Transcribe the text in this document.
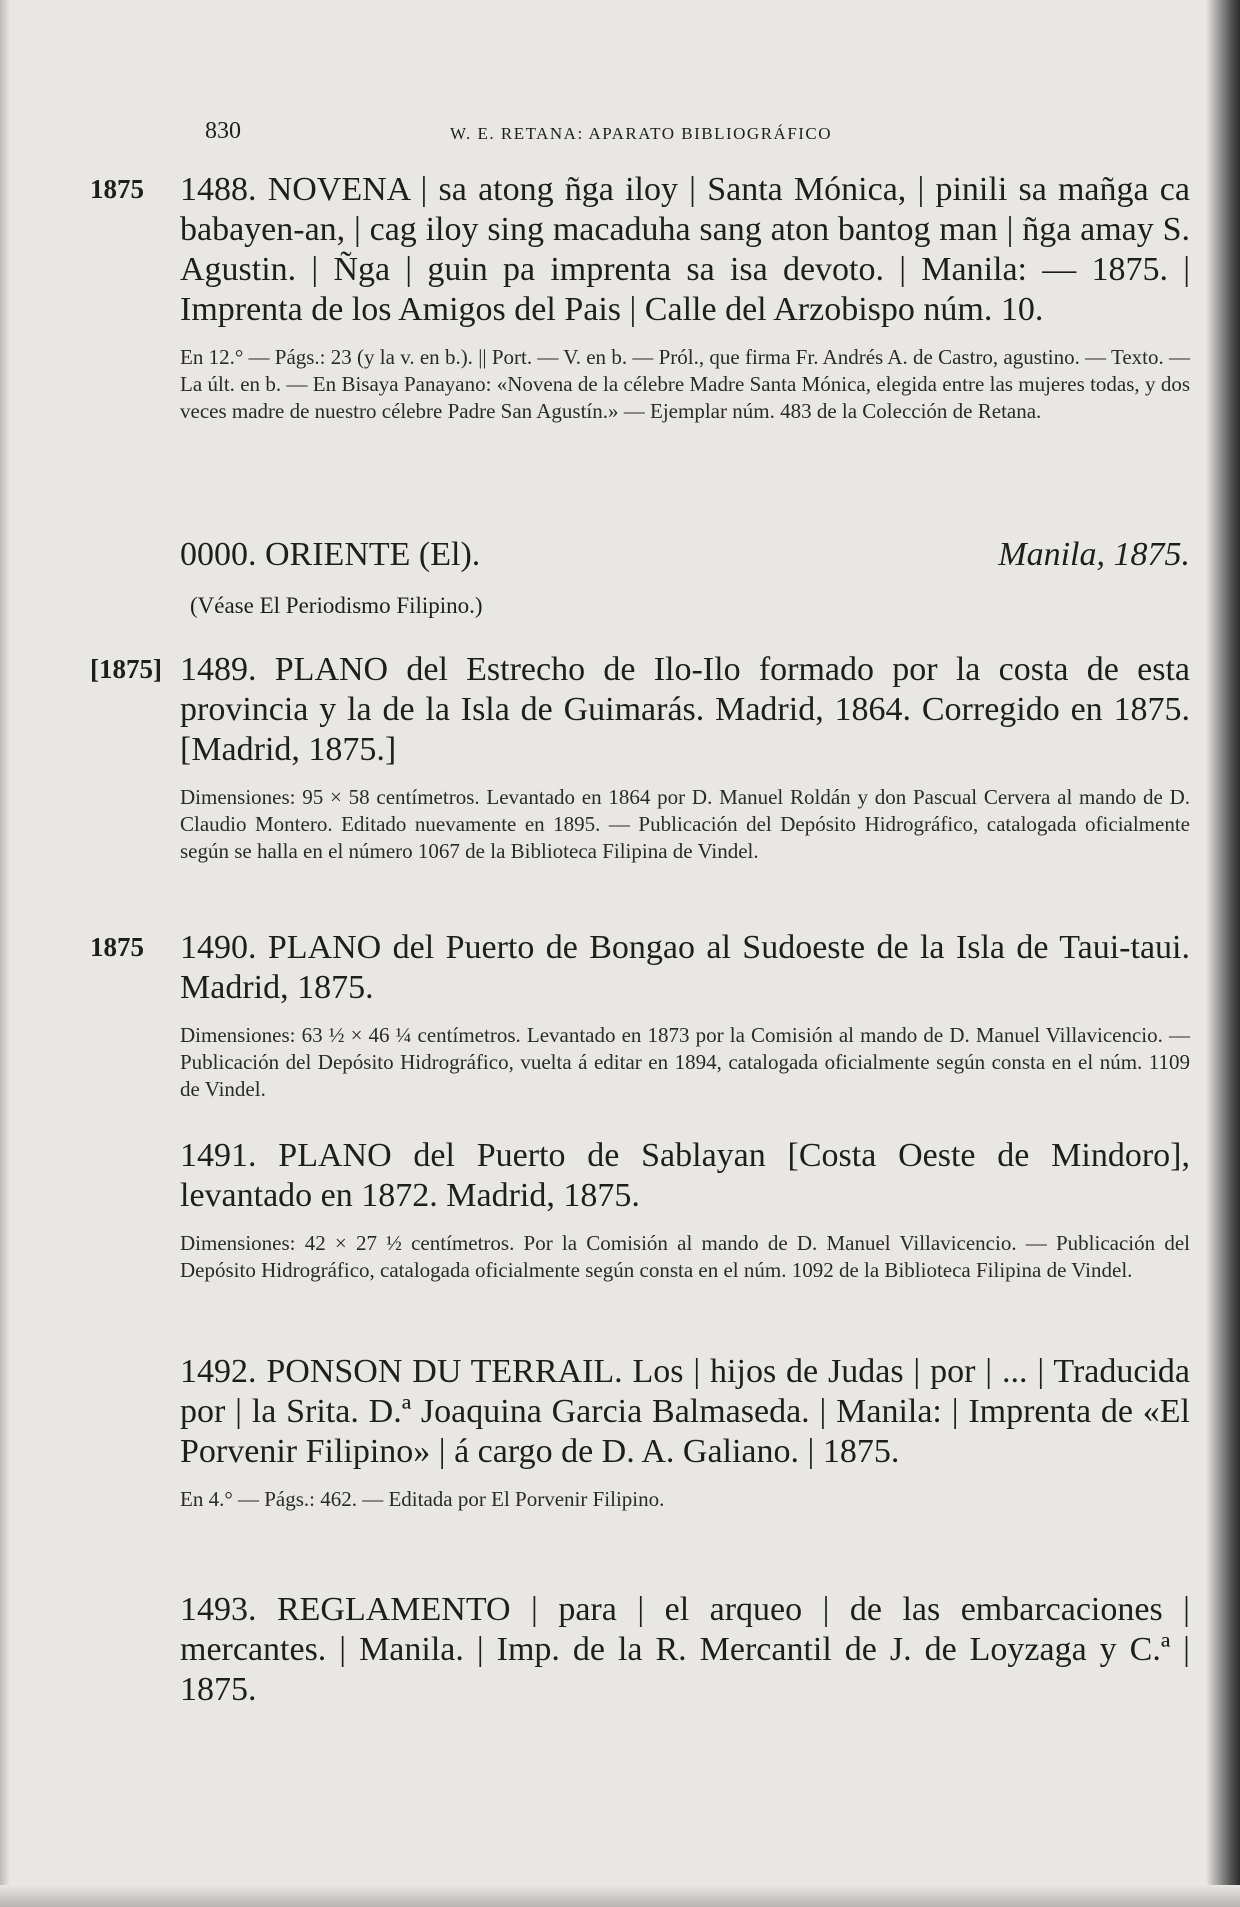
830	W. E. RETANA: APARATO BIBLIOGRÁFICO
1875 1488. NOVENA | sa atong ñga iloy | Santa Mónica, | pinili sa mañga ca babayen-an, | cag iloy sing macaduha sang aton bantog man | ñga amay S. Agustin. | Ñga | guin pa imprenta sa isa devoto. | Manila: — 1875. | Imprenta de los Amigos del Pais | Calle del Arzobispo núm. 10.

En 12.° — Págs.: 23 (y la v. en b.). || Port. — V. en b. — Pról., que firma Fr. Andrés A. de Castro, agustino. — Texto. — La últ. en b. — En Bisaya Panayano: «Novena de la célebre Madre Santa Mónica, elegida entre las mujeres todas, y dos veces madre de nuestro célebre Padre San Agustín.» — Ejemplar núm. 483 de la Colección de Retana.

0000. ORIENTE (El).	Manila, 1875.
(Véase El Periodismo Filipino.)
[1875] 1489. PLANO del Estrecho de Ilo-Ilo formado por la costa de esta provincia y la de la Isla de Guimarás. Madrid, 1864. Corregido en 1875. [Madrid, 1875.]

Dimensiones: 95 × 58 centímetros. Levantado en 1864 por D. Manuel Roldán y don Pascual Cervera al mando de D. Claudio Montero. Editado nuevamente en 1895. — Publicación del Depósito Hidrográfico, catalogada oficialmente según se halla en el número 1067 de la Biblioteca Filipina de Vindel.

1875 1490. PLANO del Puerto de Bongao al Sudoeste de la Isla de Taui-taui. Madrid, 1875.

Dimensiones: 63 ½ × 46 ¼ centímetros. Levantado en 1873 por la Comisión al mando de D. Manuel Villavicencio. — Publicación del Depósito Hidrográfico, vuelta á editar en 1894, catalogada oficialmente según consta en el núm. 1109 de Vindel.

1491. PLANO del Puerto de Sablayan [Costa Oeste de Mindoro], levantado en 1872. Madrid, 1875.

Dimensiones: 42 × 27 ½ centímetros. Por la Comisión al mando de D. Manuel Villavicencio. — Publicación del Depósito Hidrográfico, catalogada oficialmente según consta en el núm. 1092 de la Biblioteca Filipina de Vindel.

1492. PONSON DU TERRAIL. Los | hijos de Judas | por | ... | Traducida por | la Srita. D.ª Joaquina Garcia Balmaseda. | Manila: | Imprenta de «El Porvenir Filipino» | á cargo de D. A. Galiano. | 1875.

En 4.° — Págs.: 462. — Editada por El Porvenir Filipino.

1493. REGLAMENTO | para | el arqueo | de las embarcaciones | mercantes. | Manila. | Imp. de la R. Mercantil de J. de Loyzaga y C.ª | 1875.
